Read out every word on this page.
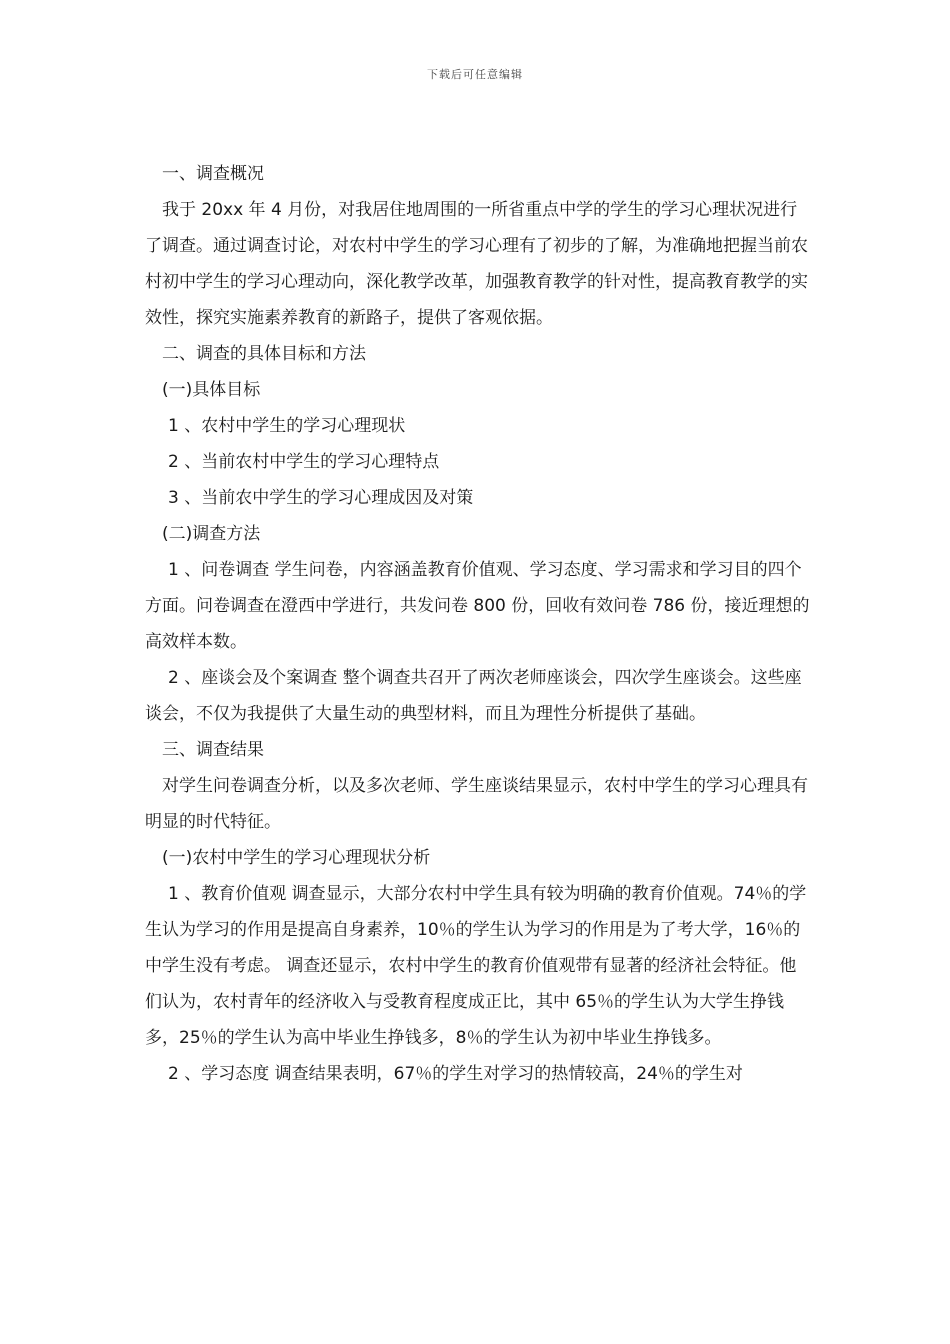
下载后可任意编辑

一、调查概况

我于 20xx 年 4 月份，对我居住地周围的一所省重点中学的学生的学习心理状况进行了调查。通过调查讨论，对农村中学生的学习心理有了初步的了解，为准确地把握当前农村初中学生的学习心理动向，深化教学改革，加强教育教学的针对性，提高教育教学的实效性，探究实施素养教育的新路子，提供了客观依据。

二、调查的具体目标和方法

(一)具体目标

1 、农村中学生的学习心理现状

2 、当前农村中学生的学习心理特点

3 、当前农中学生的学习心理成因及对策

(二)调查方法

1 、问卷调查 学生问卷，内容涵盖教育价值观、学习态度、学习需求和学习目的四个方面。问卷调查在澄西中学进行，共发问卷 800 份，回收有效问卷 786 份，接近理想的高效样本数。

2 、座谈会及个案调查 整个调查共召开了两次老师座谈会，四次学生座谈会。这些座谈会，不仅为我提供了大量生动的典型材料，而且为理性分析提供了基础。

三、调查结果

对学生问卷调查分析，以及多次老师、学生座谈结果显示，农村中学生的学习心理具有明显的时代特征。

(一)农村中学生的学习心理现状分析

1 、教育价值观 调查显示，大部分农村中学生具有较为明确的教育价值观。74％的学生认为学习的作用是提高自身素养，10％的学生认为学习的作用是为了考大学，16％的中学生没有考虑。 调查还显示，农村中学生的教育价值观带有显著的经济社会特征。他们认为，农村青年的经济收入与受教育程度成正比，其中 65％的学生认为大学生挣钱多，25％的学生认为高中毕业生挣钱多，8％的学生认为初中毕业生挣钱多。

2 、学习态度 调查结果表明，67％的学生对学习的热情较高，24％的学生对
